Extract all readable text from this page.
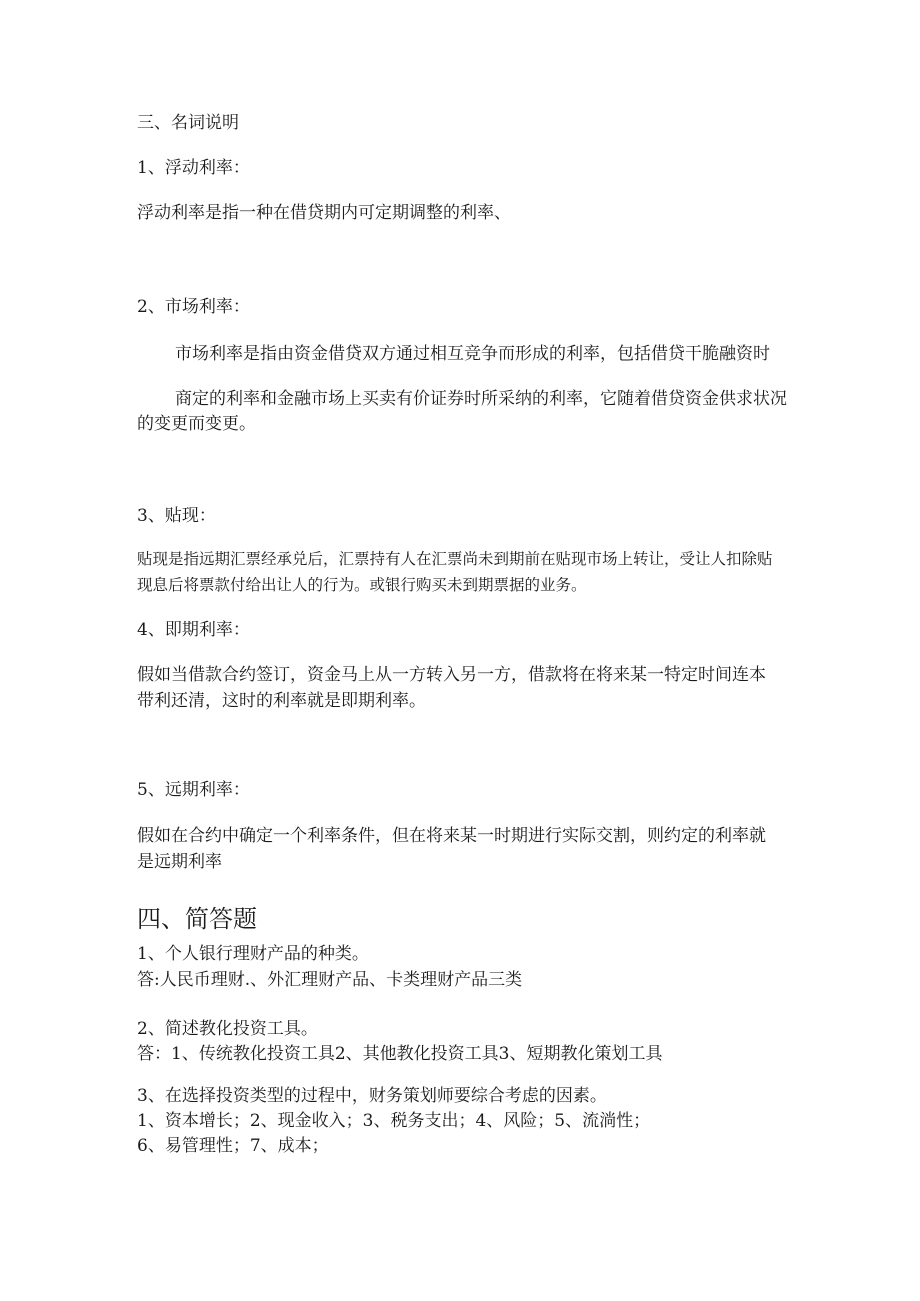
三、名词说明

1、浮动利率：

浮动利率是指一种在借贷期内可定期调整的利率、

2、市场利率：

市场利率是指由资金借贷双方通过相互竞争而形成的利率，包括借贷干脆融资时

商定的利率和金融市场上买卖有价证券时所采纳的利率，它随着借贷资金供求状况

的变更而变更。

3、贴现：

贴现是指远期汇票经承兑后，汇票持有人在汇票尚未到期前在贴现市场上转让，受让人扣除贴

现息后将票款付给出让人的行为。或银行购买未到期票据的业务。

4、即期利率：

假如当借款合约签订，资金马上从一方转入另一方，借款将在将来某一特定时间连本

带利还清，这时的利率就是即期利率。

5、远期利率：

假如在合约中确定一个利率条件，但在将来某一时期进行实际交割，则约定的利率就

是远期利率

四、简答题

1、个人银行理财产品的种类。

答:人民币理财.、外汇理财产品、卡类理财产品三类

2、简述教化投资工具。

答：1、传统教化投资工具2、其他教化投资工具3、短期教化策划工具

3、在选择投资类型的过程中，财务策划师要综合考虑的因素。

1、资本增长；2、现金收入；3、税务支出；4、风险；5、流淌性；

6、易管理性；7、成本；
